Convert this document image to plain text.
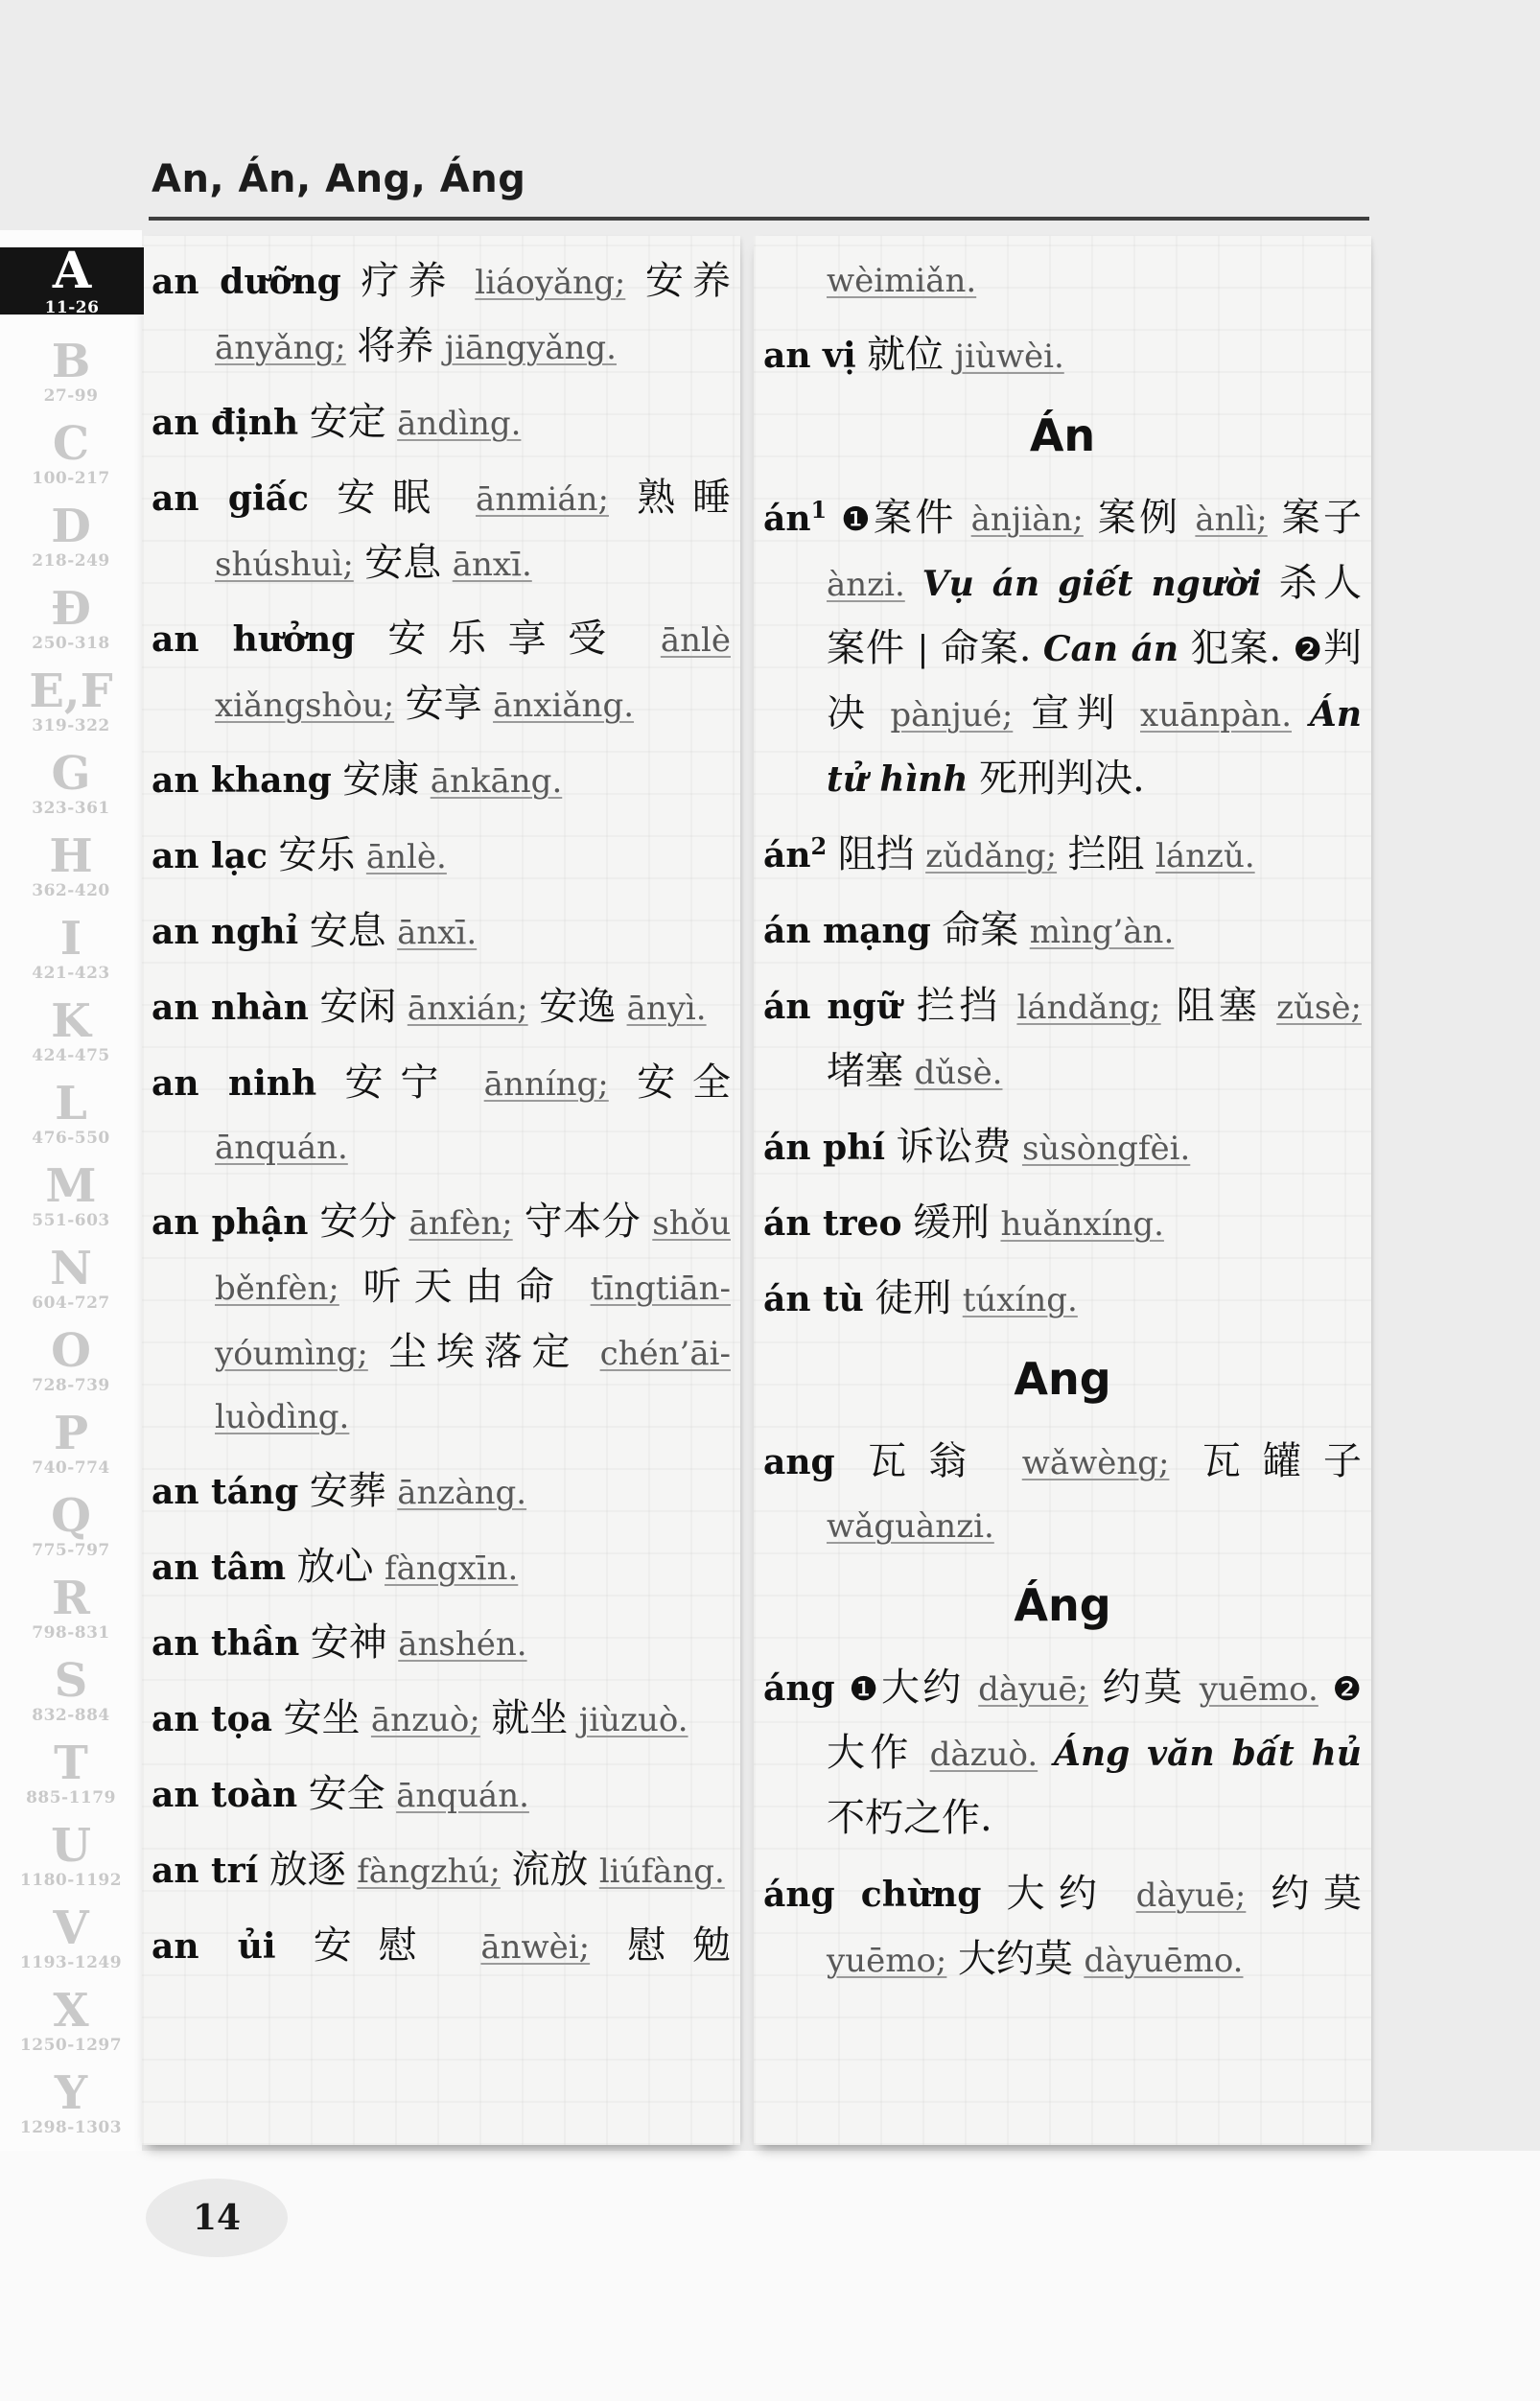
An, Án, Ang, Áng

an dưỡng 疗养 liáoyǎng; 安养 ānyǎng; 将养 jiāngyǎng.

an định 安定 āndìng.

an giấc 安眠 ānmián; 熟睡 shúshuì; 安息 ānxī.

an hưởng 安乐享受 ānlè xiǎngshòu; 安享 ānxiǎng.

an khang 安康 ānkāng.

an lạc 安乐 ānlè.

an nghỉ 安息 ānxī.

an nhàn 安闲 ānxián; 安逸 ānyì.

an ninh 安宁 ānníng; 安全 ānquán.

an phận 安分 ānfèn; 守本分 shǒu běnfèn; 听天由命 tīngtiān-yóumìng; 尘埃落定 chén’āi-luòdìng.

an táng 安葬 ānzàng.

an tâm 放心 fàngxīn.

an thần 安神 ānshén.

an tọa 安坐 ānzuò; 就坐 jiùzuò.

an toàn 安全 ānquán.

an trí 放逐 fàngzhú; 流放 liúfàng.

an ủi 安慰 ānwèi; 慰勉

wèimiǎn.

an vị 就位 jiùwèi.

Án

$án^1$ ❶案件 ànjiàn; 案例 ànlì; 案子 ànzi. Vụ án giết người 杀人案件 | 命案. Can án 犯案. ❷判决 pànjué; 宣判 xuānpàn. Án tử hình 死刑判决.

$án^2$ 阻挡 zǔdǎng; 拦阻 lánzǔ.

án mạng 命案 mìng’àn.

án ngữ 拦挡 lándǎng; 阻塞 zǔsè; 堵塞 dǔsè.

án phí 诉讼费 sùsòngfèi.

án treo 缓刑 huǎnxíng.

án tù 徒刑 túxíng.

Ang

ang 瓦翁 wǎwèng; 瓦罐子 wǎguànzi.

Áng

áng ❶大约 dàyuē; 约莫 yuēmo. ❷大作 dàzuò. Áng văn bất hủ 不朽之作.

áng chừng 大约 dàyuē; 约莫 yuēmo; 大约莫 dàyuēmo.

A
11-26
B
27-99
C
100-217
D
218-249
Đ
250-318
E,F
319-322
G
323-361
H
362-420
I
421-423
K
424-475
L
476-550
M
551-603
N
604-727
O
728-739
P
740-774
Q
775-797
R
798-831
S
832-884
T
885-1179
U
1180-1192
V
1193-1249
X
1250-1297
Y
1298-1303
14
